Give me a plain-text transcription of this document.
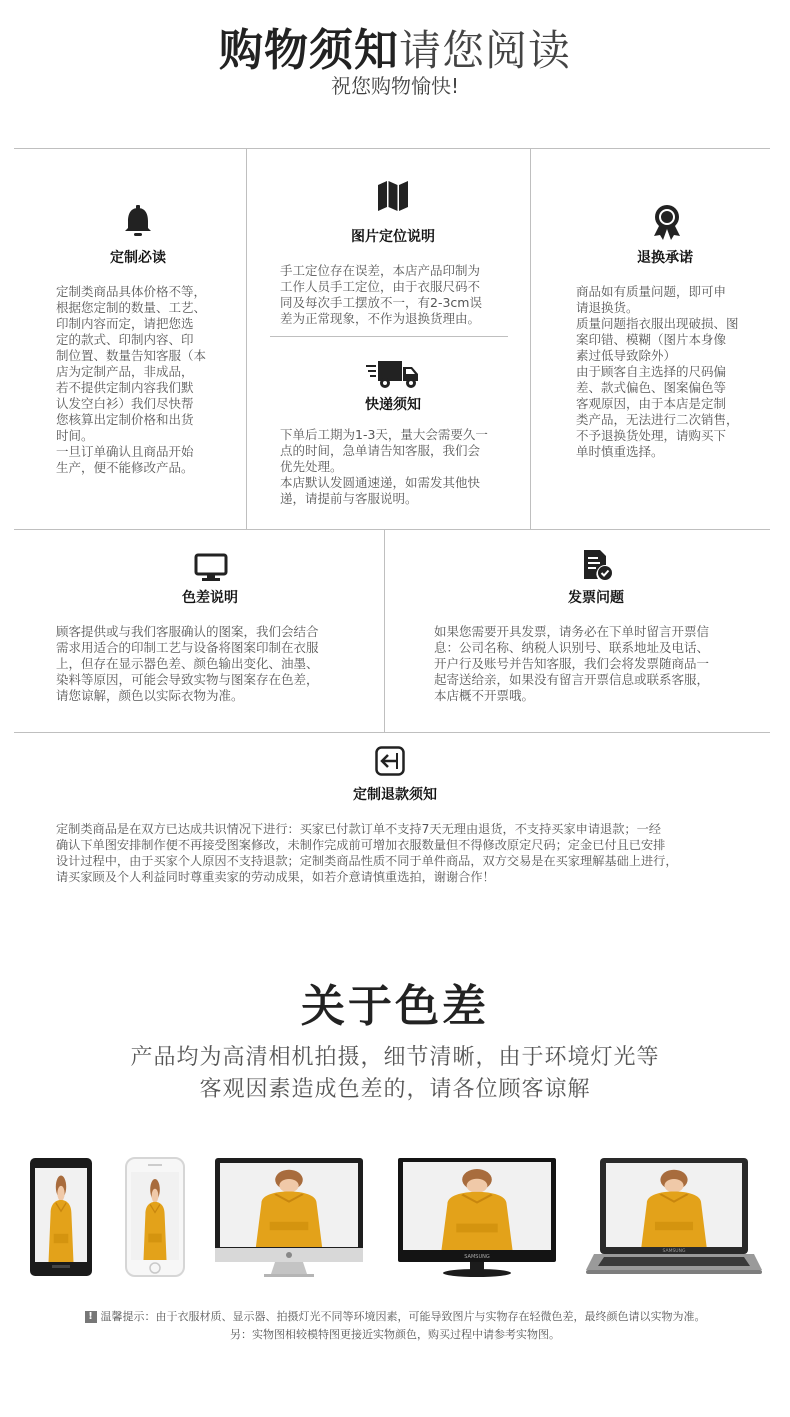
购物须知请您阅读
祝您购物愉快!
定制必读
定制类商品具体价格不等，
根据您定制的数量、工艺、
印制内容而定，请把您选
定的款式、印制内容、印
制位置、数量告知客服（本
店为定制产品，非成品，
若不提供定制内容我们默
认发空白衫）我们尽快帮
您核算出定制价格和出货
时间。
一旦订单确认且商品开始
生产，便不能修改产品。
图片定位说明
手工定位存在误差，本店产品印制为
工作人员手工定位，由于衣服尺码不
同及每次手工摆放不一，有2-3cm误
差为正常现象，不作为退换货理由。
快递须知
下单后工期为1-3天，量大会需要久一
点的时间，急单请告知客服，我们会
优先处理。
本店默认发圆通速递，如需发其他快
递，请提前与客服说明。
退换承诺
商品如有质量问题，即可申
请退换货。
质量问题指衣服出现破损、图
案印错、模糊（图片本身像
素过低导致除外）
由于顾客自主选择的尺码偏
差、款式偏色、图案偏色等
客观原因，由于本店是定制
类产品，无法进行二次销售，
不予退换货处理，请购买下
单时慎重选择。
色差说明
顾客提供或与我们客服确认的图案，我们会结合
需求用适合的印制工艺与设备将图案印制在衣服
上，但存在显示器色差、颜色输出变化、油墨、
染料等原因，可能会导致实物与图案存在色差，
请您谅解，颜色以实际衣物为准。
发票问题
如果您需要开具发票，请务必在下单时留言开票信
息：公司名称、纳税人识别号、联系地址及电话、
开户行及账号并告知客服，我们会将发票随商品一
起寄送给亲，如果没有留言开票信息或联系客服，
本店概不开票哦。
定制退款须知
定制类商品是在双方已达成共识情况下进行：买家已付款订单不支持7天无理由退货，不支持买家申请退款；一经
确认下单图安排制作便不再接受图案修改，未制作完成前可增加衣服数量但不得修改原定尺码；定金已付且已安排
设计过程中，由于买家个人原因不支持退款；定制类商品性质不同于单件商品，双方交易是在买家理解基础上进行，
请买家顾及个人利益同时尊重卖家的劳动成果，如若介意请慎重选拍，谢谢合作！
关于色差
产品均为高清相机拍摄，细节清晰，由于环境灯光等
客观因素造成色差的，请各位顾客谅解
SAMSUNG
SAMSUNG
! 温馨提示：由于衣服材质、显示器、拍摄灯光不同等环境因素，可能导致图片与实物存在轻微色差，最终颜色请以实物为准。
另：实物图相较模特图更接近实物颜色，购买过程中请参考实物图。
